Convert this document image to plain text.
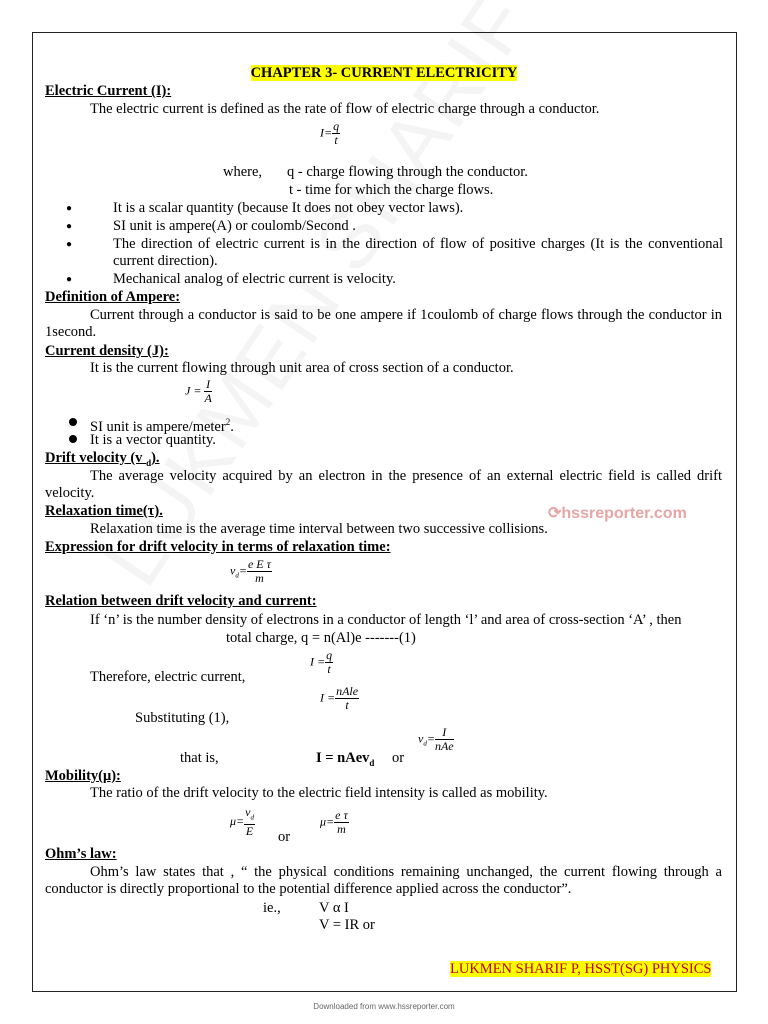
⟳hssreporter.com
CHAPTER 3- CURRENT ELECTRICITY
Electric Current (I):
The electric current is defined as the rate of flow of electric charge through a conductor.
$I= \frac{q}{t}$
where, q - charge flowing through the conductor.
t - time for which the charge flows.
●	It is a scalar quantity (because It does not obey vector laws).
●	SI unit is ampere(A) or coulomb/Second .
●	The direction of electric current is in the direction of flow of positive charges (It is the conventional current direction).
●	Mechanical analog of electric current is velocity.
Definition of Ampere:
Current through a conductor is said to be one ampere if 1coulomb of charge flows through the conductor in 1second.
Current density (J):
It is the current flowing through unit area of cross section of a conductor.
$J = \frac{I}{A}$
SI unit is ampere/meter$^2$.
It is a vector quantity.
Drift velocity (v $_d$).
The average velocity acquired by an electron in the presence of an external electric field is called drift velocity.
Relaxation time(τ).
Relaxation time is the average time interval between two successive collisions.
Expression for drift velocity in terms of relaxation time:
$v_d= \frac{\text{e E τ}}{m}$
Relation between drift velocity and current:
If ‘n’ is the number density of electrons in a conductor of length ‘l’ and area of cross-section ‘A’ , then
total charge, q = n(Al)e -------(1)
$I = \frac{q}{t}$
Therefore, electric current,
$I = \frac{\text{nAle}}{t}$
Substituting (1),
that is,	I = nAev$_d$ or
$v_d= \frac{I}{\text{nAe}}$
Mobility(μ):
The ratio of the drift velocity to the electric field intensity is called as mobility.
$\mu= \frac{v_d}{E}$ or
$\mu= \frac{\text{e τ}}{m}$
Ohm’s law:
Ohm’s law states that , “ the physical conditions remaining unchanged, the current flowing through a conductor is directly proportional to the potential difference applied across the conductor”.
ie.,	V α I
V = IR or
LUKMEN SHARIF P, HSST(SG) PHYSICS
Downloaded from www.hssreporter.com
